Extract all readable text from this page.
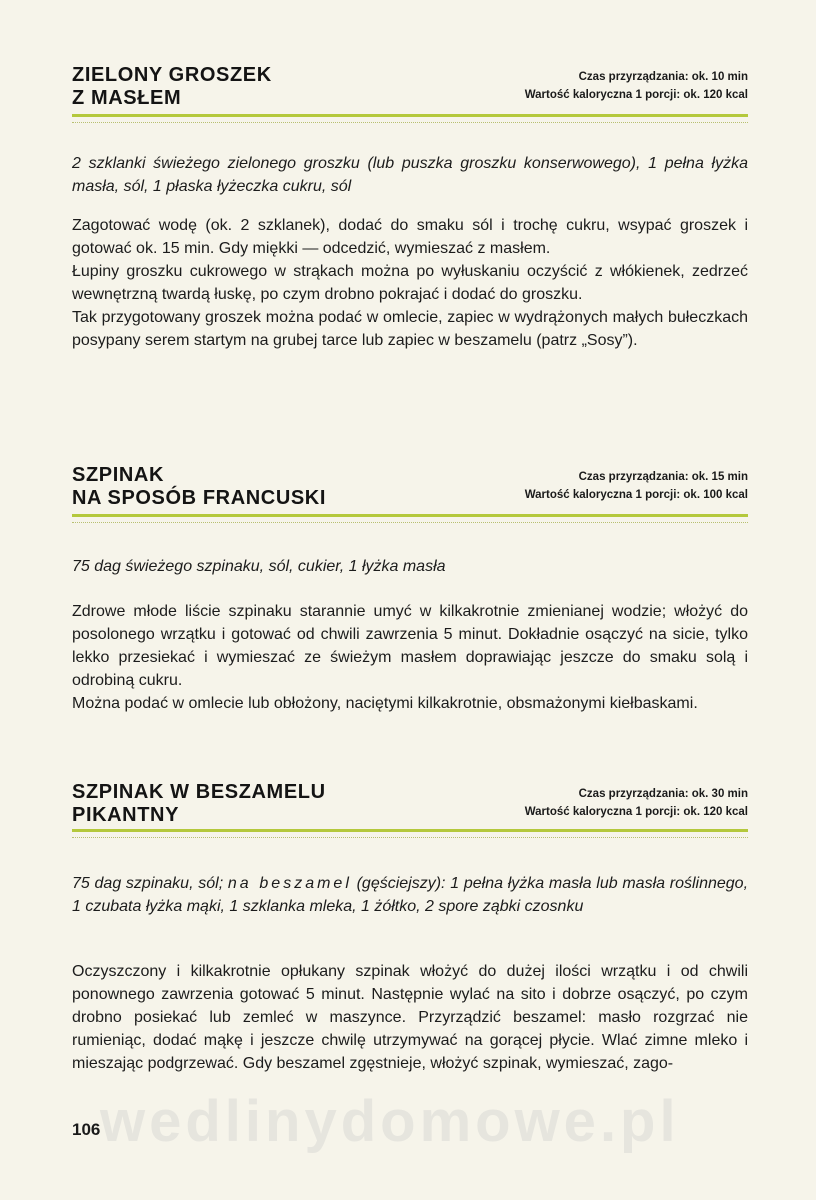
ZIELONY GROSZEK
Z MASŁEM
Czas przyrządzania: ok. 10 min
Wartość kaloryczna 1 porcji: ok. 120 kcal
2 szklanki świeżego zielonego groszku (lub puszka groszku konserwowego), 1 pełna łyżka masła, sól, 1 płaska łyżeczka cukru, sól

Zagotować wodę (ok. 2 szklanek), dodać do smaku sól i trochę cukru, wsypać groszek i gotować ok. 15 min. Gdy miękki — odcedzić, wymieszać z masłem.

Łupiny groszku cukrowego w strąkach można po wyłuskaniu oczyścić z włókienek, zedrzeć wewnętrzną twardą łuskę, po czym drobno pokrajać i dodać do groszku.

Tak przygotowany groszek można podać w omlecie, zapiec w wydrążonych małych bułeczkach posypany serem startym na grubej tarce lub zapiec w beszamelu (patrz „Sosy”).

SZPINAK
NA SPOSÓB FRANCUSKI
Czas przyrządzania: ok. 15 min
Wartość kaloryczna 1 porcji: ok. 100 kcal
75 dag świeżego szpinaku, sól, cukier, 1 łyżka masła

Zdrowe młode liście szpinaku starannie umyć w kilkakrotnie zmienianej wodzie; włożyć do posolonego wrzątku i gotować od chwili zawrzenia 5 minut. Dokładnie osączyć na sicie, tylko lekko przesiekać i wymieszać ze świeżym masłem doprawiając jeszcze do smaku solą i odrobiną cukru.

Można podać w omlecie lub obłożony, naciętymi kilkakrotnie, obsmażonymi kiełbaskami.

SZPINAK W BESZAMELU
PIKANTNY
Czas przyrządzania: ok. 30 min
Wartość kaloryczna 1 porcji: ok. 120 kcal
75 dag szpinaku, sól; na beszamel (gęściejszy): 1 pełna łyżka masła lub masła roślinnego, 1 czubata łyżka mąki, 1 szklanka mleka, 1 żółtko, 2 spore ząbki czosnku

Oczyszczony i kilkakrotnie opłukany szpinak włożyć do dużej ilości wrzątku i od chwili ponownego zawrzenia gotować 5 minut. Następnie wylać na sito i dobrze osączyć, po czym drobno posiekać lub zemleć w maszynce. Przyrządzić beszamel: masło rozgrzać nie rumieniąc, dodać mąkę i jeszcze chwilę utrzymywać na gorącej płycie. Wlać zimne mleko i mieszając podgrzewać. Gdy beszamel zgęstnieje, włożyć szpinak, wymieszać, zago-

wedlinydomowe.pl
106
